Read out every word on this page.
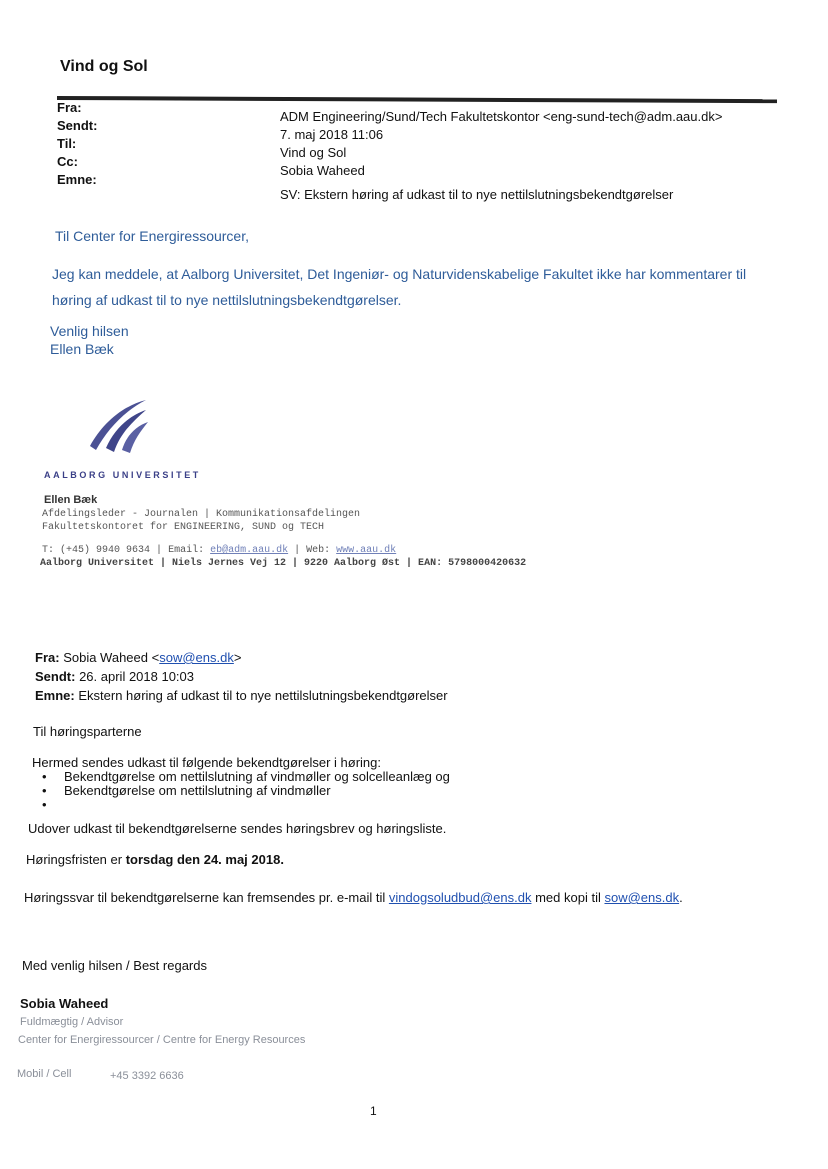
Vind og Sol
Fra:
Sendt:
Til:
Cc:
Emne:
ADM Engineering/Sund/Tech Fakultetskontor <eng-sund-tech@adm.aau.dk>
7. maj 2018 11:06
Vind og Sol
Sobia Waheed
SV: Ekstern høring af udkast til to nye nettilslutningsbekendtgørelser
Til Center for Energiressourcer,
Jeg kan meddele, at Aalborg Universitet, Det Ingeniør- og Naturvidenskabelige Fakultet ikke har kommentarer til
høring af udkast til to nye nettilslutningsbekendtgørelser.
Venlig hilsen
Ellen Bæk
AALBORG UNIVERSITET
Ellen Bæk
Afdelingsleder - Journalen | Kommunikationsafdelingen
Fakultetskontoret for ENGINEERING, SUND og TECH
T: (+45) 9940 9634 | Email: eb@adm.aau.dk | Web: www.aau.dk
Aalborg Universitet | Niels Jernes Vej 12 | 9220 Aalborg Øst | EAN: 5798000420632
Fra: Sobia Waheed <sow@ens.dk>
Sendt: 26. april 2018 10:03
Emne: Ekstern høring af udkast til to nye nettilslutningsbekendtgørelser
Til høringsparterne
Hermed sendes udkast til følgende bekendtgørelser i høring:
• Bekendtgørelse om nettilslutning af vindmøller og solcelleanlæg og
• Bekendtgørelse om nettilslutning af vindmøller
•
Udover udkast til bekendtgørelserne sendes høringsbrev og høringsliste.
Høringsfristen er torsdag den 24. maj 2018.
Høringssvar til bekendtgørelserne kan fremsendes pr. e-mail til vindogsoludbud@ens.dk med kopi til sow@ens.dk.
Med venlig hilsen / Best regards
Sobia Waheed
Fuldmægtig / Advisor
Center for Energiressourcer / Centre for Energy Resources
Mobil / Cell	+45 3392 6636
1
